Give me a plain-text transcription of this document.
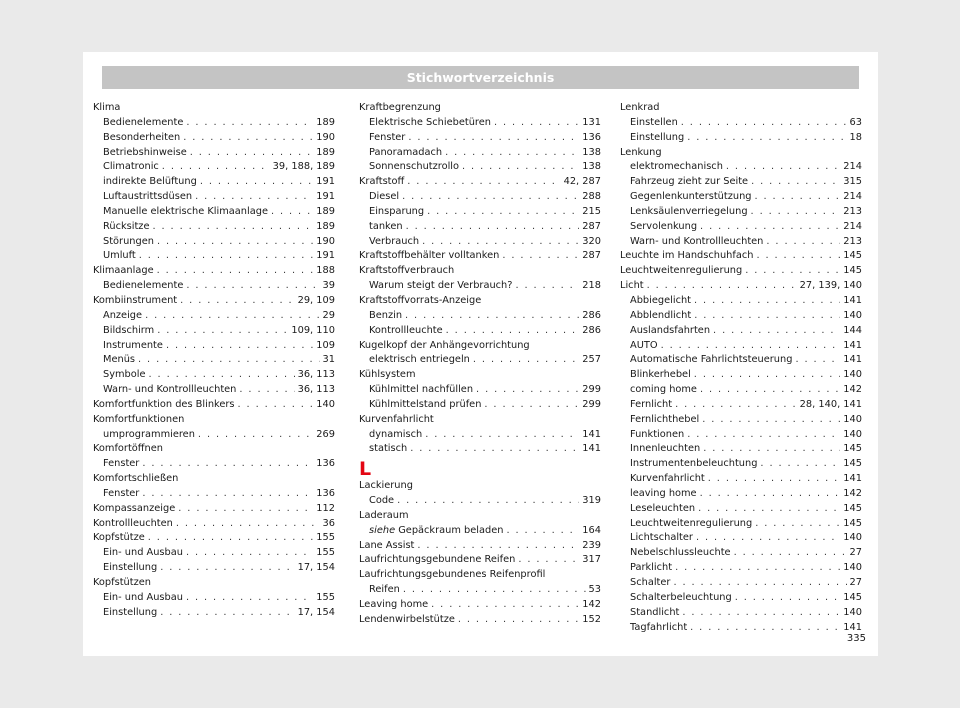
Stichwortverzeichnis
Klima
Bedienelemente . . .	189
Besonderheiten . . .	190
Betriebshinweise . . .	189
Climatronic . . .	39, 188, 189
indirekte Belüftung . . .	191
Luftaustrittsdüsen . . .	191
Manuelle elektrische Klimaanlage . . .	189
Rücksitze . . .	189
Störungen . . .	190
Umluft . . .	191
Klimaanlage . . .	188
Bedienelemente . . .	39
Kombiinstrument . . .	29, 109
Anzeige . . .	29
Bildschirm . . .	109, 110
Instrumente . . .	109
Menüs . . .	31
Symbole . . .	36, 113
Warn- und Kontrollleuchten . . .	36, 113
Komfortfunktion des Blinkers . . .	140
Komfortfunktionen
umprogrammieren . . .	269
Komfortöffnen
Fenster . . .	136
Komfortschließen
Fenster . . .	136
Kompassanzeige . . .	112
Kontrollleuchten . . .	36
Kopfstütze . . .	155
Ein- und Ausbau . . .	155
Einstellung . . .	17, 154
Kopfstützen
Ein- und Ausbau . . .	155
Einstellung . . .	17, 154
Kraftbegrenzung
Elektrische Schiebetüren . . .	131
Fenster . . .	136
Panoramadach . . .	138
Sonnenschutzrollo . . .	138
Kraftstoff . . .	42, 287
Diesel . . .	288
Einsparung . . .	215
tanken . . .	287
Verbrauch . . .	320
Kraftstoffbehälter volltanken . . .	287
Kraftstoffverbrauch
Warum steigt der Verbrauch? . . .	218
Kraftstoffvorrats-Anzeige
Benzin . . .	286
Kontrollleuchte . . .	286
Kugelkopf der Anhängevorrichtung
elektrisch entriegeln . . .	257
Kühlsystem
Kühlmittel nachfüllen . . .	299
Kühlmittelstand prüfen . . .	299
Kurvenfahrlicht
dynamisch . . .	141
statisch . . .	141
L
Lackierung
Code . . .	319
Laderaum
siehe Gepäckraum beladen . . .	164
Lane Assist . . .	239
Laufrichtungsgebundene Reifen . . .	317
Laufrichtungsgebundenes Reifenprofil
Reifen . . .	53
Leaving home . . .	142
Lendenwirbelstütze . . .	152
Lenkrad
Einstellen . . .	63
Einstellung . . .	18
Lenkung
elektromechanisch . . .	214
Fahrzeug zieht zur Seite . . .	315
Gegenlenkunterstützung . . .	214
Lenksäulenverriegelung . . .	213
Servolenkung . . .	214
Warn- und Kontrollleuchten . . .	213
Leuchte im Handschuhfach . . .	145
Leuchtweitenregulierung . . .	145
Licht . . .	27, 139, 140
Abbiegelicht . . .	141
Abblendlicht . . .	140
Auslandsfahrten . . .	144
AUTO . . .	141
Automatische Fahrlichtsteuerung . . .	141
Blinkerhebel . . .	140
coming home . . .	142
Fernlicht . . .	28, 140, 141
Fernlichthebel . . .	140
Funktionen . . .	140
Innenleuchten . . .	145
Instrumentenbeleuchtung . . .	145
Kurvenfahrlicht . . .	141
leaving home . . .	142
Leseleuchten . . .	145
Leuchtweitenregulierung . . .	145
Lichtschalter . . .	140
Nebelschlussleuchte . . .	27
Parklicht . . .	140
Schalter . . .	27
Schalterbeleuchtung . . .	145
Standlicht . . .	140
Tagfahrlicht . . .	141
335
